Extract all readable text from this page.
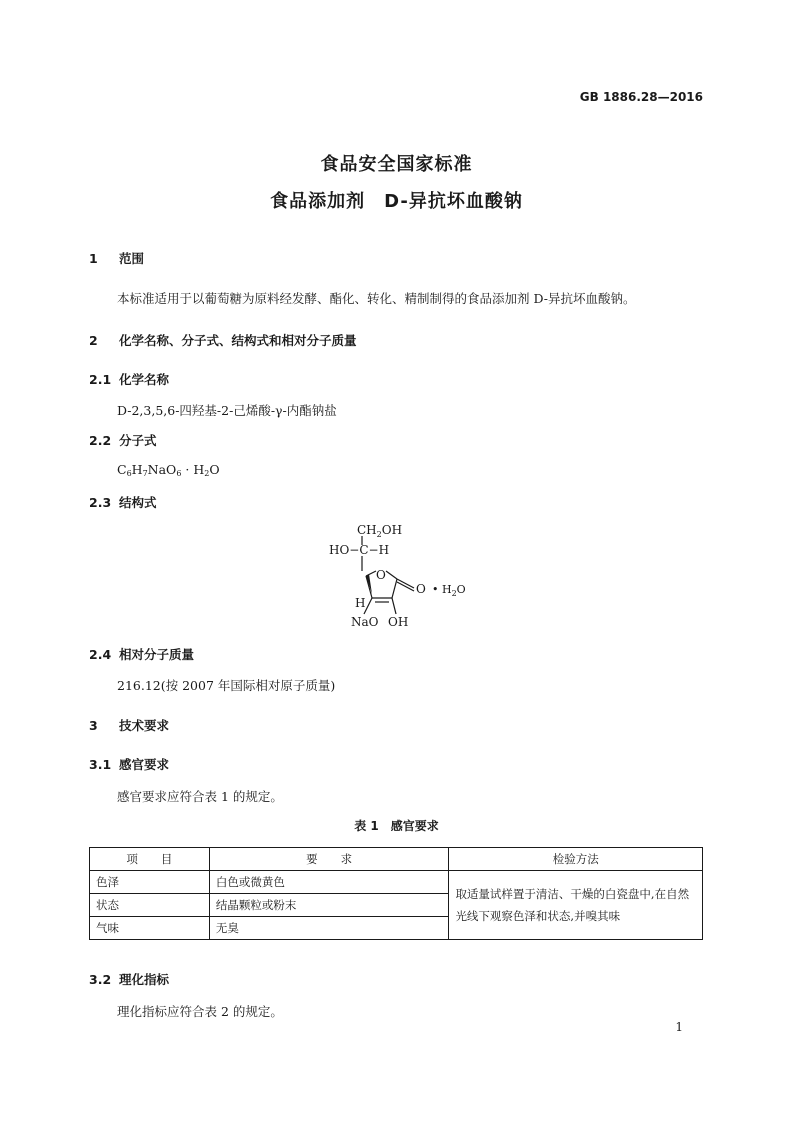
GB 1886.28—2016
食品安全国家标准
食品添加剂　D-异抗坏血酸钠
1 范围
本标准适用于以葡萄糖为原料经发酵、酯化、转化、精制制得的食品添加剂 D-异抗坏血酸钠。
2 化学名称、分子式、结构式和相对分子质量
2.1 化学名称
D-2,3,5,6-四羟基-2-己烯酸-γ-内酯钠盐
2.2 分子式
$C_6H_7NaO_6 \cdot H_2O$
2.3 结构式
$CH_2OH$
HO−C−H
O
O • $H_2O$
H
NaO OH
2.4 相对分子质量
216.12(按 2007 年国际相对原子质量)
3 技术要求
3.1 感官要求
感官要求应符合表 1 的规定。
表 1　感官要求
项　　目	要　　求	检验方法
色泽	白色或微黄色	取适量试样置于清洁、干燥的白瓷盘中,在自然光线下观察色泽和状态,并嗅其味
状态	结晶颗粒或粉末	
气味	无臭	
3.2 理化指标
理化指标应符合表 2 的规定。
1
